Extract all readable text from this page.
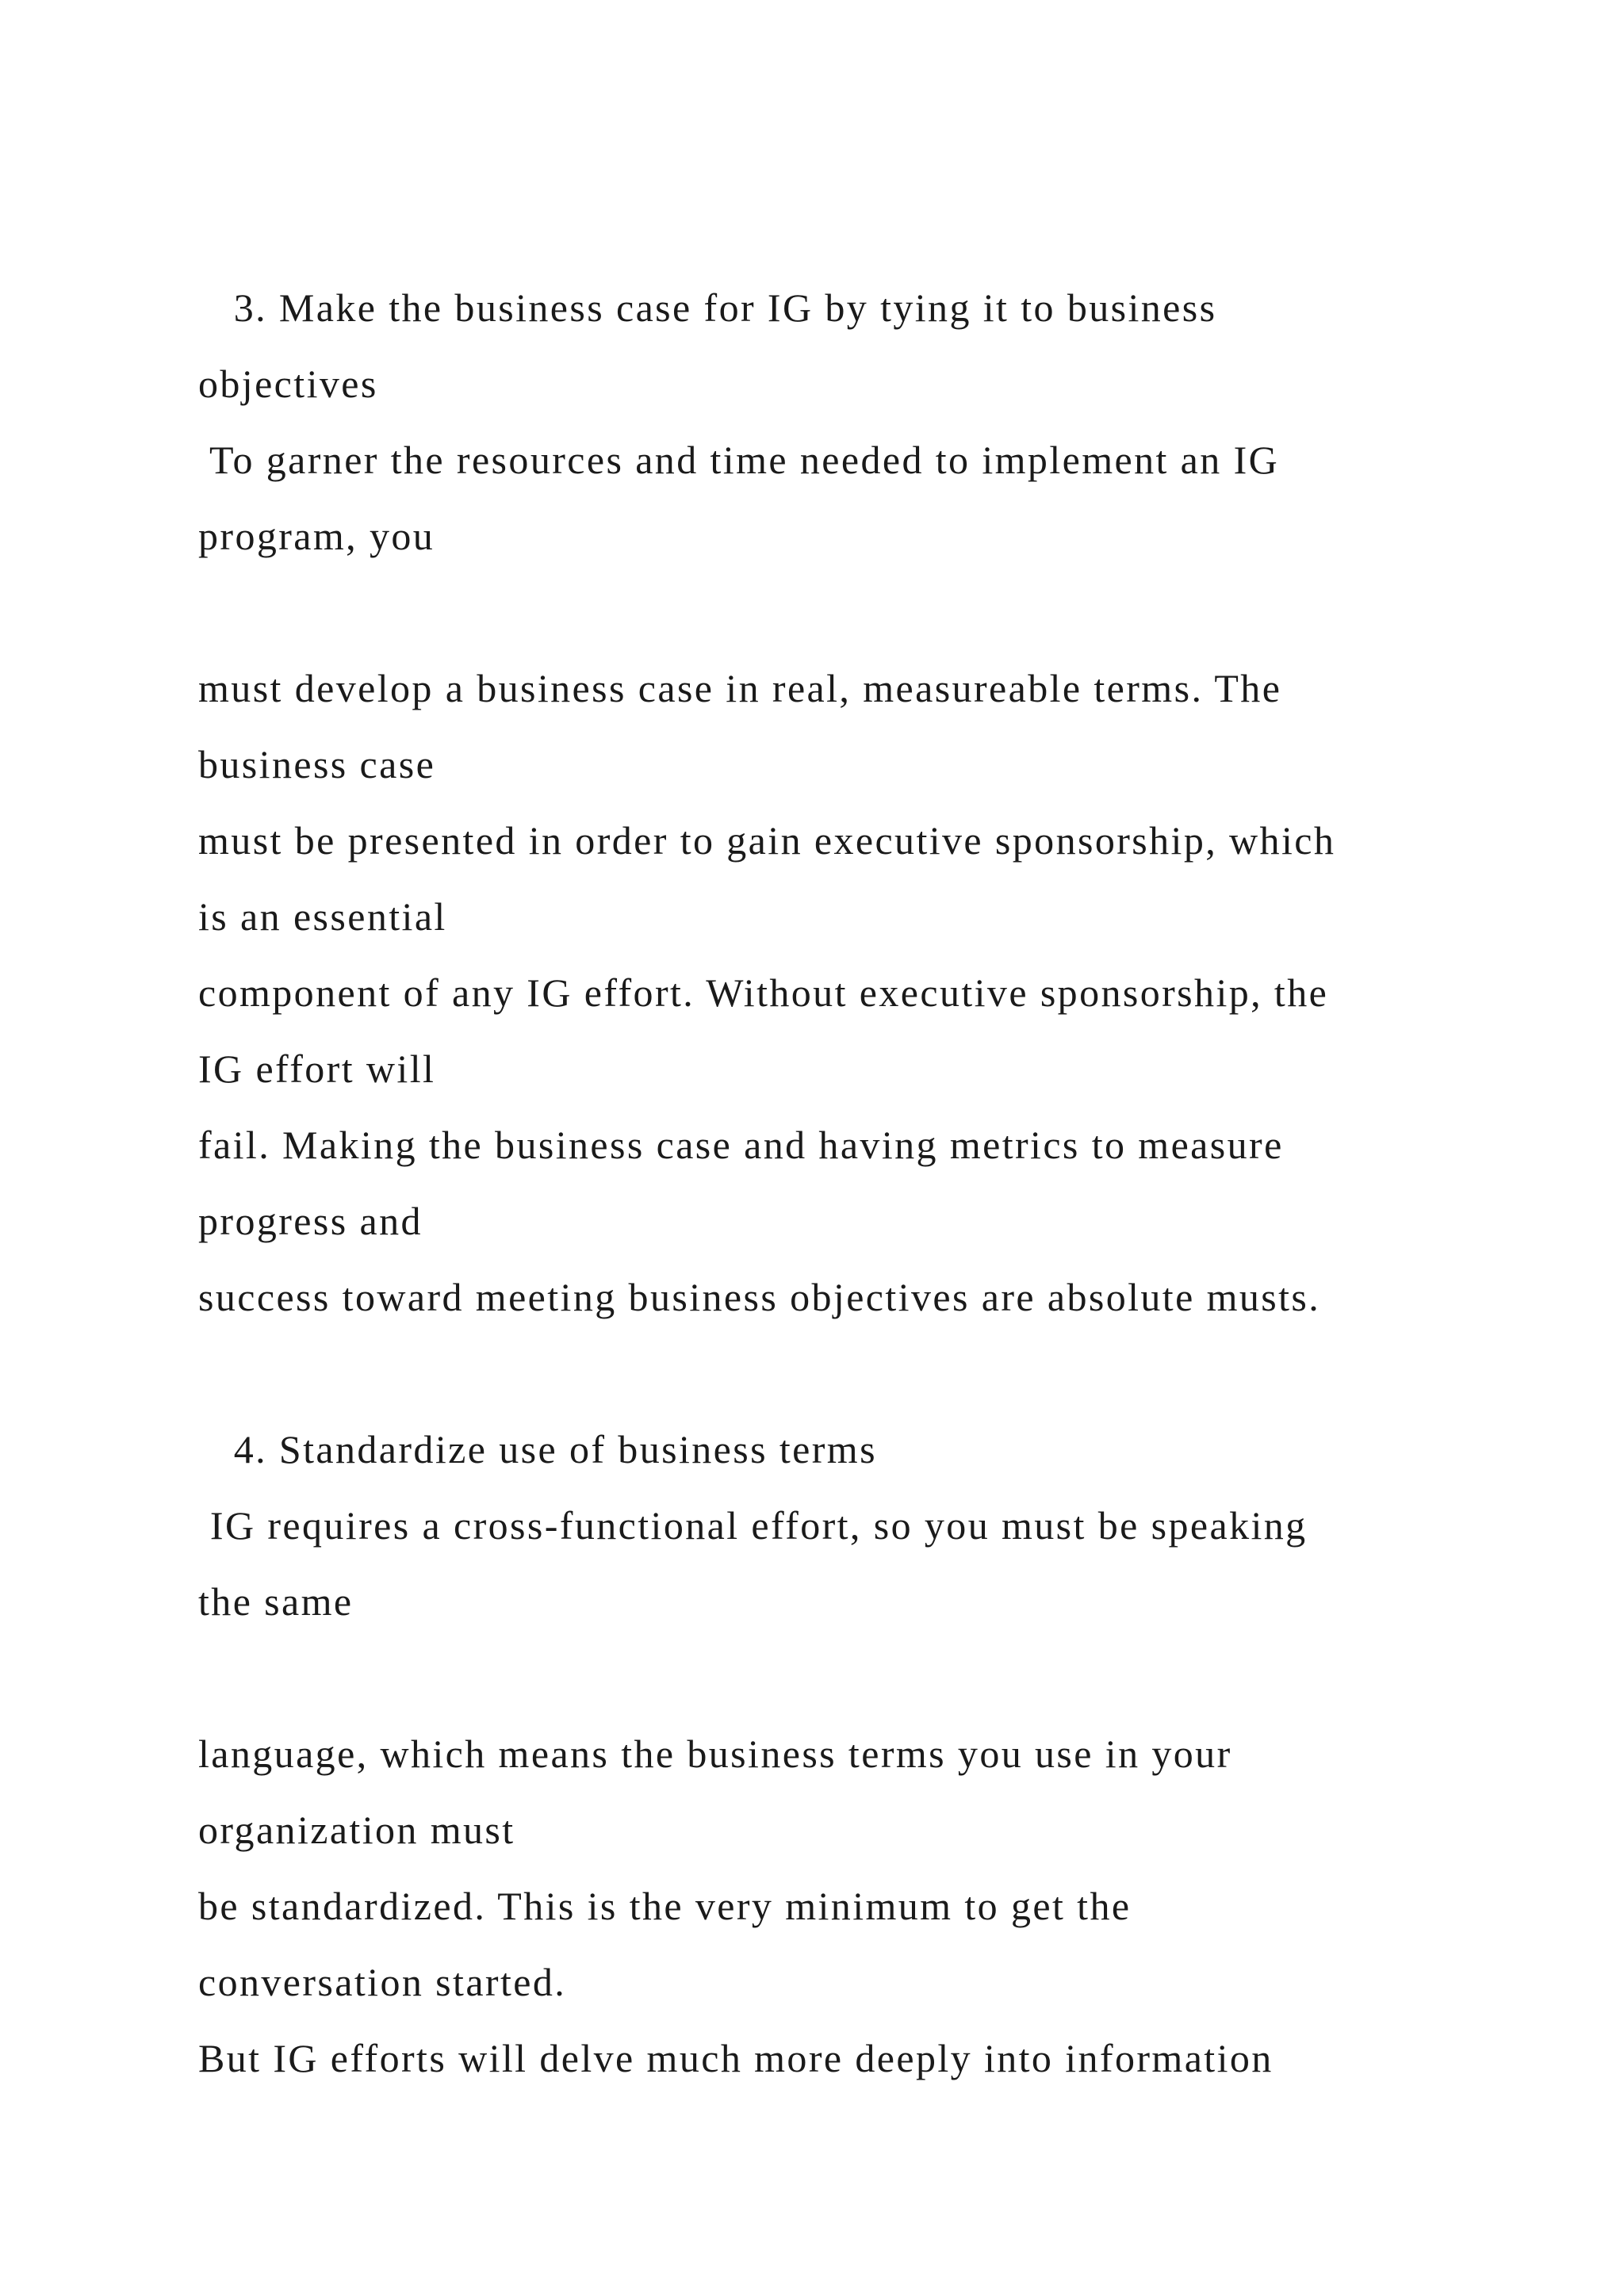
3. Make the business case for IG by tying it to business
objectives
To garner the resources and time needed to implement an IG
program, you
must develop a business case in real, measureable terms. The
business case
must be presented in order to gain executive sponsorship, which
is an essential
component of any IG effort. Without executive sponsorship, the
IG effort will
fail. Making the business case and having metrics to measure
progress and
success toward meeting business objectives are absolute musts.
4. Standardize use of business terms
IG requires a cross-functional effort, so you must be speaking
the same
language, which means the business terms you use in your
organization must
be standardized. This is the very minimum to get the
conversation started.
But IG efforts will delve much more deeply into information
